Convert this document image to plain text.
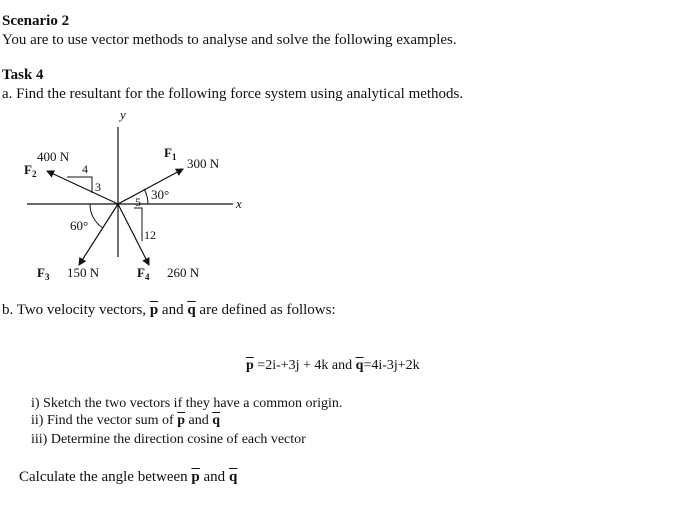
Scenario 2
You are to use vector methods to analyse and solve the following examples.
Task 4
a. Find the resultant for the following force system using analytical methods.
y
x
$F_1$ 300 N
30°
400 N
$F_2$	4
3
60°
$F_3$ 150 N
5
12
$F_4$ 260 N
b. Two velocity vectors, $\overline{p}$ and $\overline{q}$ are defined as follows:
$\overline{p} =2i-+3j + 4k$ and $\overline{q}=4i-3j+2k$
i) Sketch the two vectors if they have a common origin.
ii) Find the vector sum of $\overline{p}$ and $\overline{q}$
iii) Determine the direction cosine of each vector
Calculate the angle between $\overline{p}$ and $\overline{q}$
